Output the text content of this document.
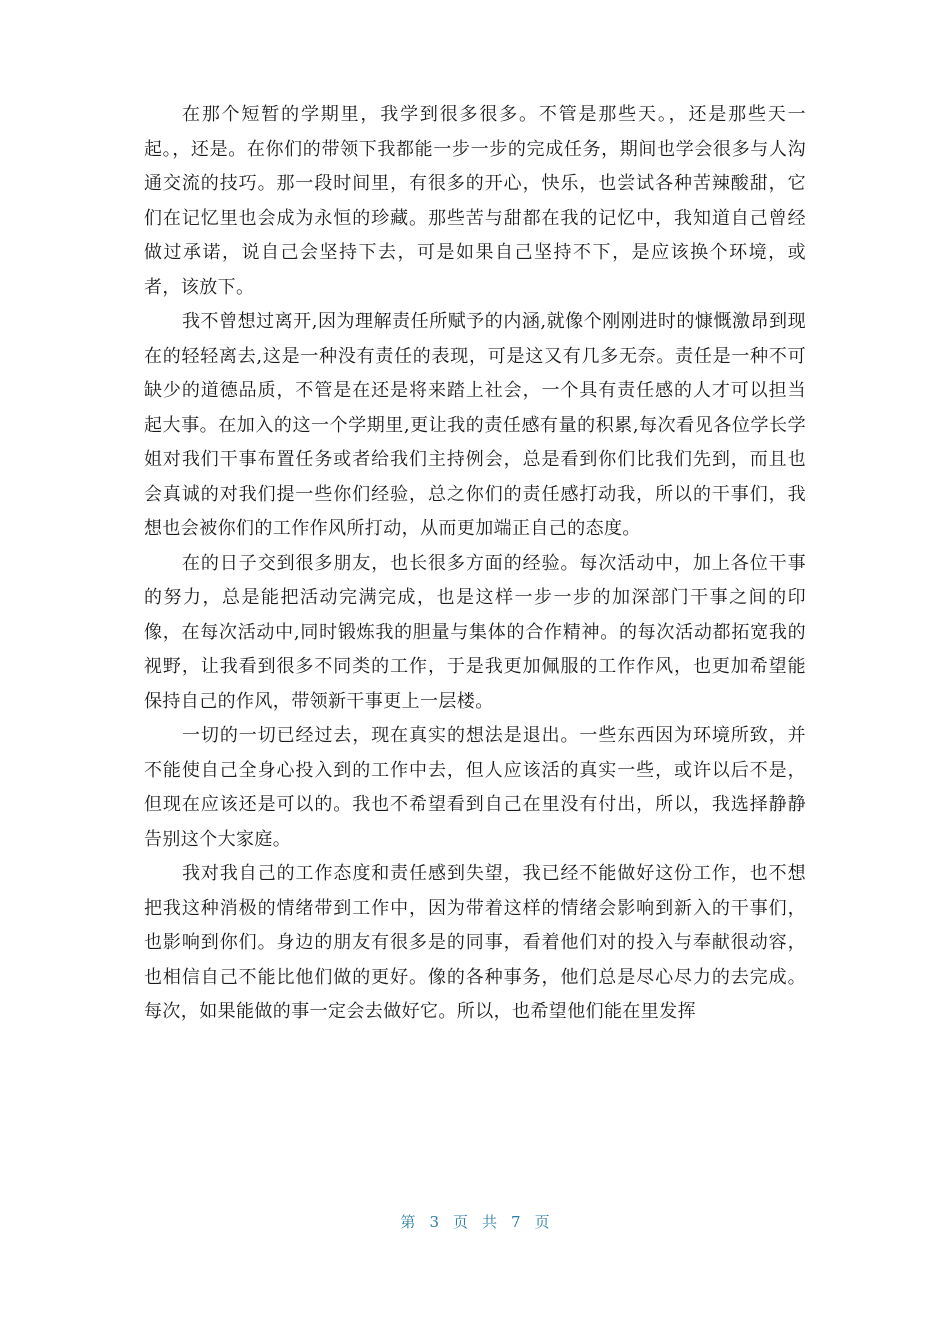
在那个短暂的学期里，我学到很多很多。不管是那些天。，还是那些天一起。，还是。在你们的带领下我都能一步一步的完成任务，期间也学会很多与人沟通交流的技巧。那一段时间里，有很多的开心，快乐，也尝试各种苦辣酸甜，它们在记忆里也会成为永恒的珍藏。那些苦与甜都在我的记忆中，我知道自己曾经做过承诺，说自己会坚持下去，可是如果自己坚持不下，是应该换个环境，或者，该放下。

我不曾想过离开,因为理解责任所赋予的内涵,就像个刚刚进时的慷慨激昂到现在的轻轻离去,这是一种没有责任的表现，可是这又有几多无奈。责任是一种不可缺少的道德品质，不管是在还是将来踏上社会，一个具有责任感的人才可以担当起大事。在加入的这一个学期里,更让我的责任感有量的积累,每次看见各位学长学姐对我们干事布置任务或者给我们主持例会，总是看到你们比我们先到，而且也会真诚的对我们提一些你们经验，总之你们的责任感打动我，所以的干事们，我想也会被你们的工作作风所打动，从而更加端正自己的态度。

在的日子交到很多朋友，也长很多方面的经验。每次活动中，加上各位干事的努力，总是能把活动完满完成，也是这样一步一步的加深部门干事之间的印像，在每次活动中,同时锻炼我的胆量与集体的合作精神。的每次活动都拓宽我的视野，让我看到很多不同类的工作，于是我更加佩服的工作作风，也更加希望能保持自己的作风，带领新干事更上一层楼。

一切的一切已经过去，现在真实的想法是退出。一些东西因为环境所致，并不能使自己全身心投入到的工作中去，但人应该活的真实一些，或许以后不是，但现在应该还是可以的。我也不希望看到自己在里没有付出，所以，我选择静静告别这个大家庭。

我对我自己的工作态度和责任感到失望，我已经不能做好这份工作，也不想把我这种消极的情绪带到工作中，因为带着这样的情绪会影响到新入的干事们，也影响到你们。身边的朋友有很多是的同事，看着他们对的投入与奉献很动容，也相信自己不能比他们做的更好。像的各种事务，他们总是尽心尽力的去完成。每次，如果能做的事一定会去做好它。所以，也希望他们能在里发挥

第 3 页 共 7 页
